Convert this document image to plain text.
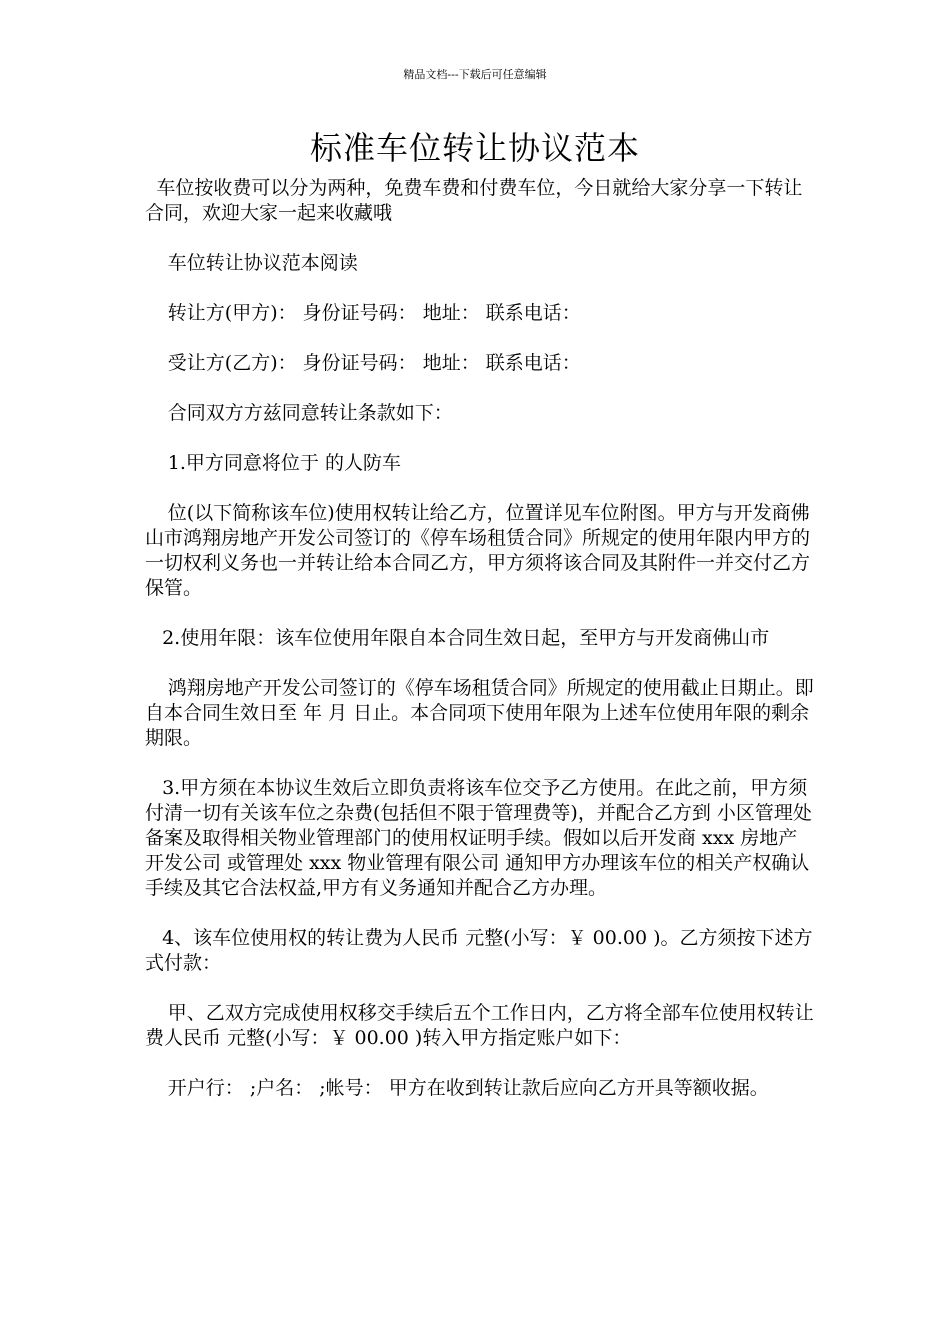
精品文档---下载后可任意编辑
标准车位转让协议范本

车位按收费可以分为两种，免费车费和付费车位，今日就给大家分享一下转让合同，欢迎大家一起来收藏哦

车位转让协议范本阅读

转让方(甲方)： 身份证号码： 地址： 联系电话：

受让方(乙方)： 身份证号码： 地址： 联系电话：

合同双方方兹同意转让条款如下：

1.甲方同意将位于 的人防车

位(以下简称该车位)使用权转让给乙方，位置详见车位附图。甲方与开发商佛山市鸿翔房地产开发公司签订的《停车场租赁合同》所规定的使用年限内甲方的一切权利义务也一并转让给本合同乙方，甲方须将该合同及其附件一并交付乙方保管。

2.使用年限：该车位使用年限自本合同生效日起，至甲方与开发商佛山市

鸿翔房地产开发公司签订的《停车场租赁合同》所规定的使用截止日期止。即自本合同生效日至 年 月 日止。本合同项下使用年限为上述车位使用年限的剩余期限。

3.甲方须在本协议生效后立即负责将该车位交予乙方使用。在此之前，甲方须付清一切有关该车位之杂费(包括但不限于管理费等)，并配合乙方到 小区管理处备案及取得相关物业管理部门的使用权证明手续。假如以后开发商 xxx 房地产开发公司 或管理处 xxx 物业管理有限公司 通知甲方办理该车位的相关产权确认手续及其它合法权益,甲方有义务通知并配合乙方办理。

4、该车位使用权的转让费为人民币 元整(小写：￥ 00.00 )。乙方须按下述方式付款：

甲、乙双方完成使用权移交手续后五个工作日内，乙方将全部车位使用权转让费人民币 元整(小写：￥ 00.00 )转入甲方指定账户如下：

开户行： ;户名： ;帐号： 甲方在收到转让款后应向乙方开具等额收据。
